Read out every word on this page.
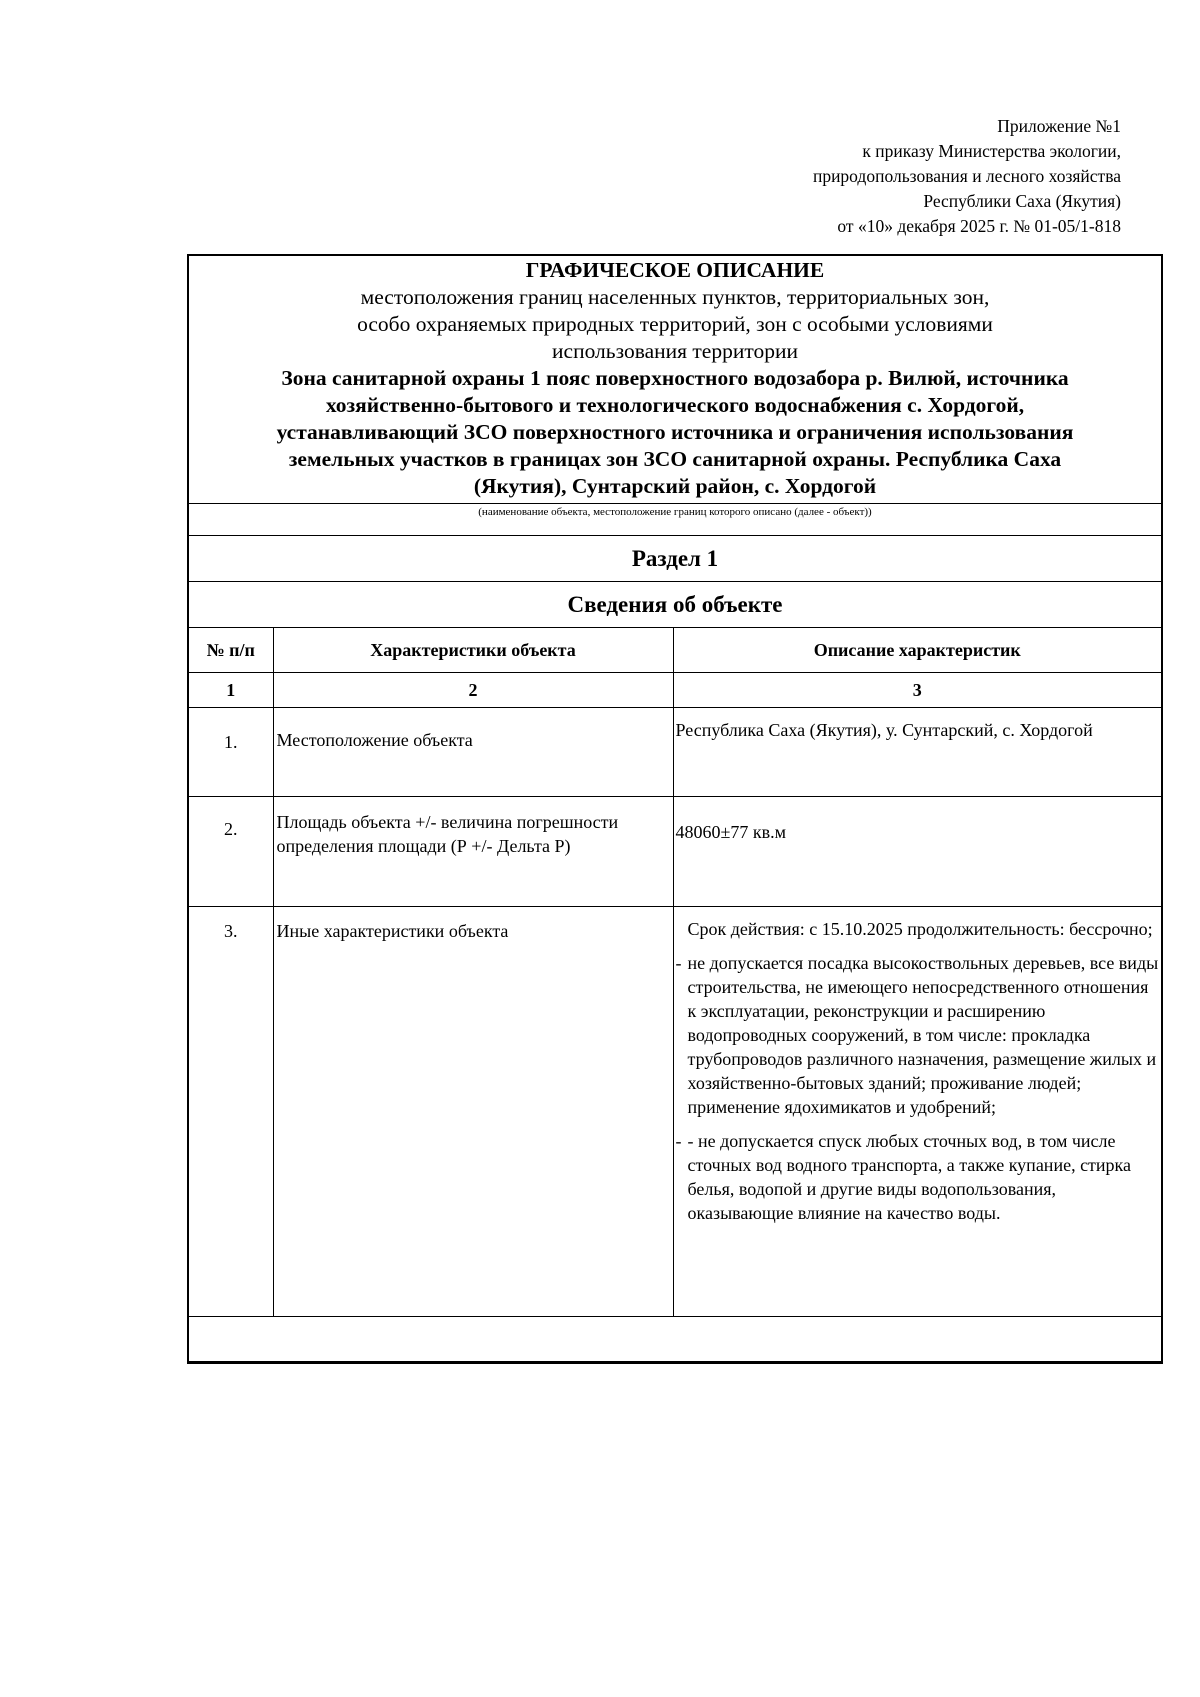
Приложение №1
к приказу Министерства экологии,
природопользования и лесного хозяйства
Республики Саха (Якутия)
от «10» декабря 2025 г. № 01-05/1-818
ГРАФИЧЕСКОЕ ОПИСАНИЕ
местоположения границ населенных пунктов, территориальных зон,
особо охраняемых природных территорий, зон с особыми условиями
использования территории
Зона санитарной охраны 1 пояс поверхностного водозабора р. Вилюй, источника
хозяйственно-бытового и технологического водоснабжения с. Хордогой,
устанавливающий ЗСО поверхностного источника и ограничения использования
земельных участков в границах зон ЗСО санитарной охраны. Республика Саха
(Якутия), Сунтарский район, с. Хордогой
(наименование объекта, местоположение границ которого описано (далее - объект))
Раздел 1
Сведения об объекте
№ п/п	Характеристики объекта	Описание характеристик
1	2	3
1.	Местоположение объекта	Республика Саха (Якутия), у. Сунтарский, с. Хордогой
2.	Площадь объекта +/- величина погрешности определения площади (Р +/- Дельта Р)	48060±77 кв.м
3.	Иные характеристики объекта	Срок действия: с 15.10.2025 продолжительность: бессрочно;
- не допускается посадка высокоствольных деревьев, все виды строительства, не имеющего непосредственного отношения к эксплуатации, реконструкции и расширению водопроводных сооружений, в том числе: прокладка трубопроводов различного назначения, размещение жилых и хозяйственно-бытовых зданий; проживание людей; применение ядохимикатов и удобрений;
- - не допускается спуск любых сточных вод, в том числе сточных вод водного транспорта, а также купание, стирка белья, водопой и другие виды водопользования, оказывающие влияние на качество воды.
